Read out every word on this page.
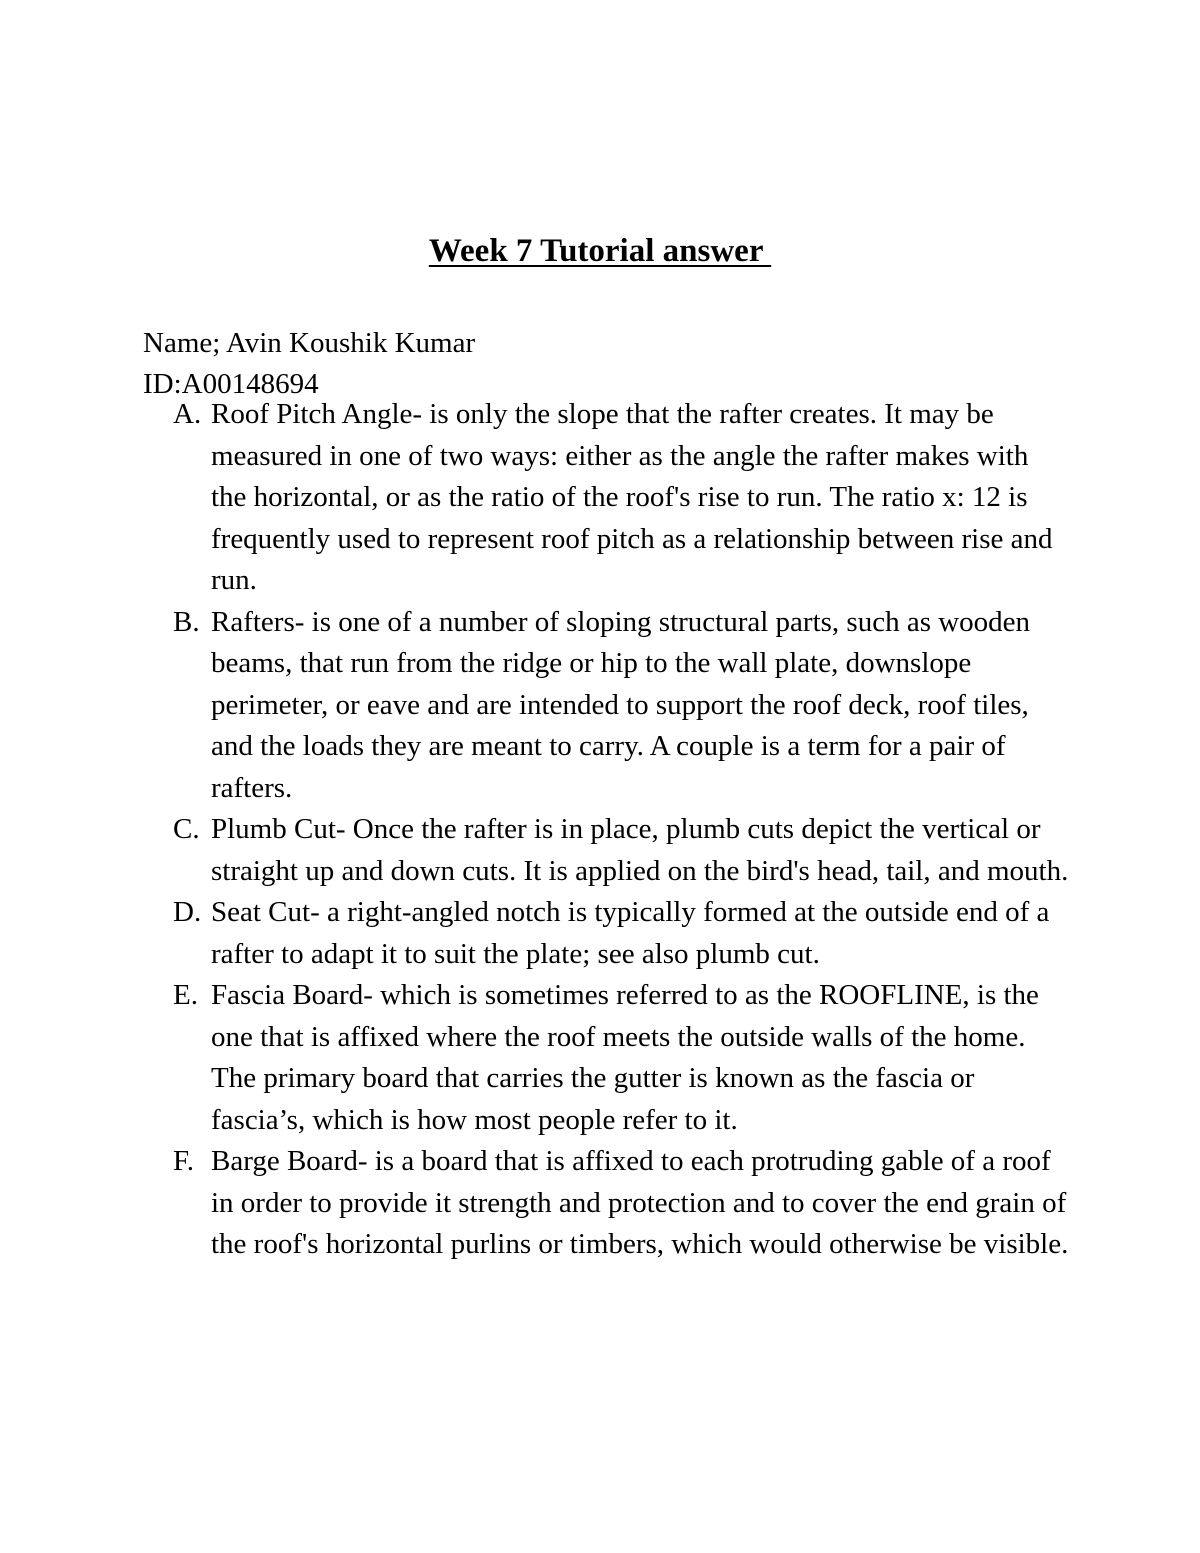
Week 7 Tutorial answer
Name; Avin Koushik Kumar
ID:A00148694
A. Roof Pitch Angle- is only the slope that the rafter creates. It may be measured in one of two ways: either as the angle the rafter makes with the horizontal, or as the ratio of the roof's rise to run. The ratio x: 12 is frequently used to represent roof pitch as a relationship between rise and run.
B. Rafters- is one of a number of sloping structural parts, such as wooden beams, that run from the ridge or hip to the wall plate, downslope perimeter, or eave and are intended to support the roof deck, roof tiles, and the loads they are meant to carry. A couple is a term for a pair of rafters.
C. Plumb Cut- Once the rafter is in place, plumb cuts depict the vertical or straight up and down cuts. It is applied on the bird's head, tail, and mouth.
D. Seat Cut- a right-angled notch is typically formed at the outside end of a rafter to adapt it to suit the plate; see also plumb cut.
E. Fascia Board- which is sometimes referred to as the ROOFLINE, is the one that is affixed where the roof meets the outside walls of the home. The primary board that carries the gutter is known as the fascia or fascia’s, which is how most people refer to it.
F. Barge Board- is a board that is affixed to each protruding gable of a roof in order to provide it strength and protection and to cover the end grain of the roof's horizontal purlins or timbers, which would otherwise be visible.
